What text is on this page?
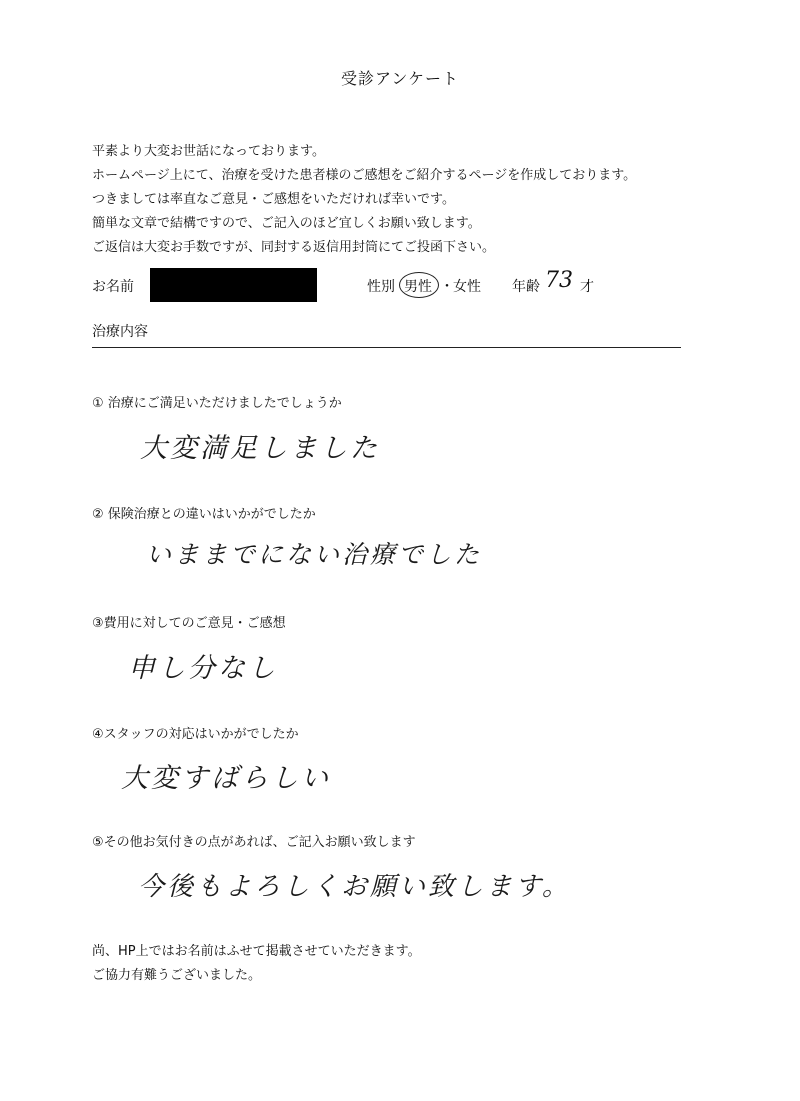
受診アンケート
平素より大変お世話になっております。
ホームページ上にて、治療を受けた患者様のご感想をご紹介するページを作成しております。
つきましては率直なご意見・ご感想をいただければ幸いです。
簡単な文章で結構ですので、ご記入のほど宜しくお願い致します。
ご返信は大変お手数ですが、同封する返信用封筒にてご投函下さい。
お名前	性別 男性 ・ 女性 年齢 73 才
治療内容
① 治療にご満足いただけましたでしょうか
大変満足しました
② 保険治療との違いはいかがでしたか
いままでにない治療でした
③費用に対してのご意見・ご感想
申し分なし
④スタッフの対応はいかがでしたか
大変すばらしい
⑤その他お気付きの点があれば、ご記入お願い致します
今後もよろしくお願い致します。
尚、HP上ではお名前はふせて掲載させていただきます。
ご協力有難うございました。
